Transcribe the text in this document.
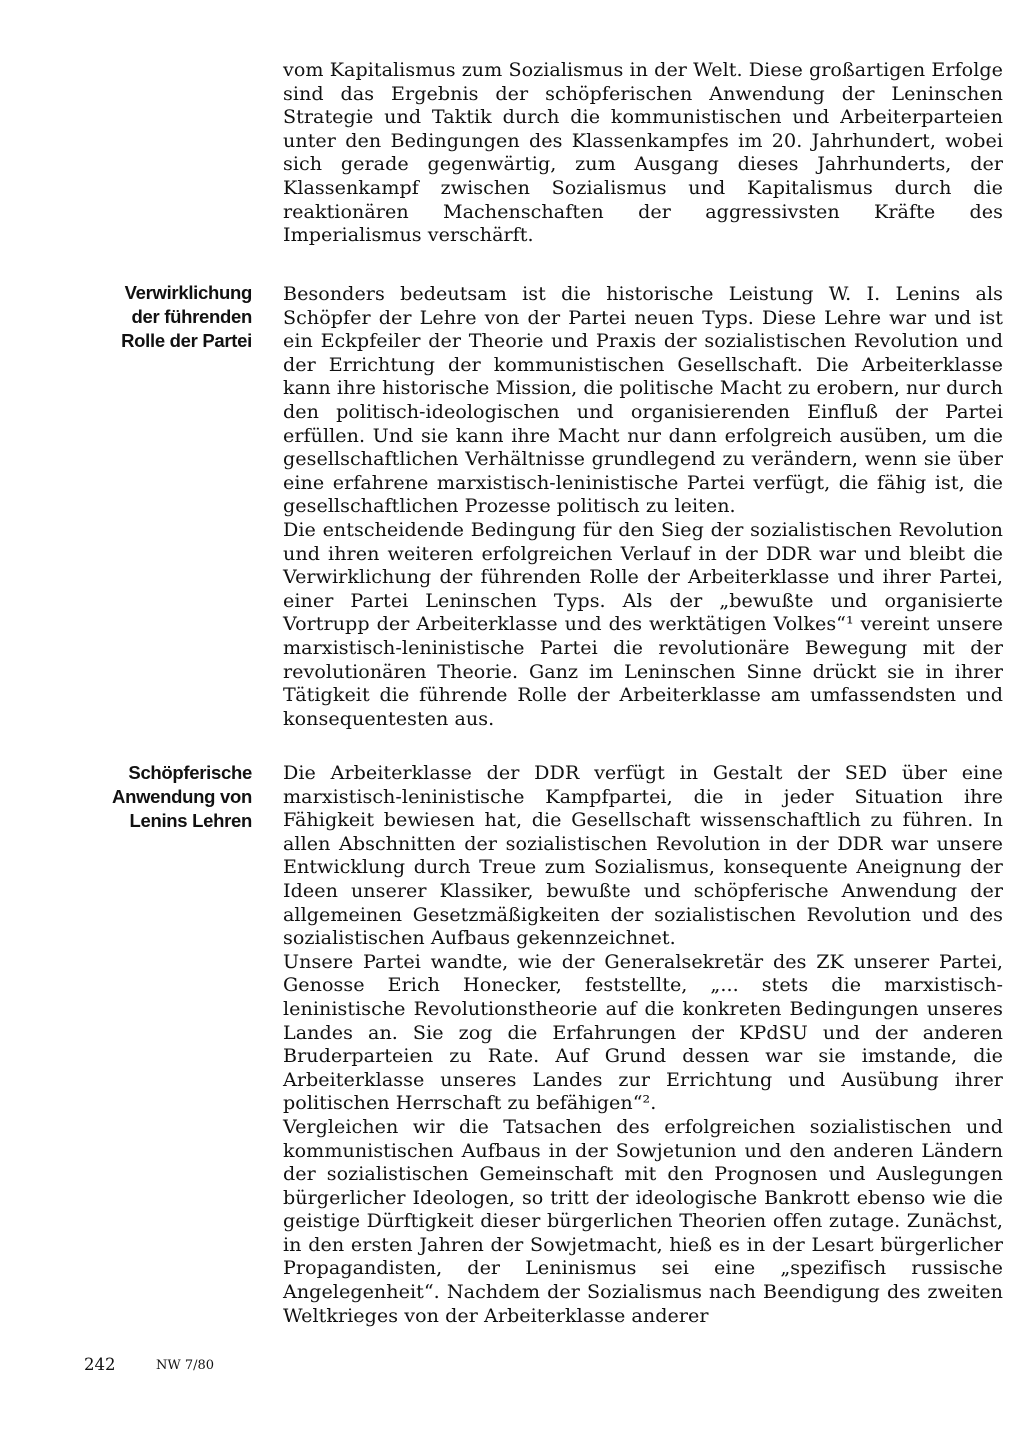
vom Kapitalismus zum Sozialismus in der Welt. Diese großartigen Erfolge sind das Ergebnis der schöpferischen Anwendung der Leninschen Strategie und Taktik durch die kommunistischen und Arbeiterparteien unter den Bedingungen des Klassenkampfes im 20. Jahrhundert, wobei sich gerade gegenwärtig, zum Ausgang dieses Jahrhunderts, der Klassenkampf zwischen Sozialismus und Kapitalismus durch die reaktionären Machenschaften der aggressivsten Kräfte des Imperialismus verschärft.

Verwirklichung
der führenden
Rolle der Partei

Besonders bedeutsam ist die historische Leistung W. I. Lenins als Schöpfer der Lehre von der Partei neuen Typs. Diese Lehre war und ist ein Eckpfeiler der Theorie und Praxis der sozialistischen Revolution und der Errichtung der kommunistischen Gesellschaft. Die Arbeiterklasse kann ihre historische Mission, die politische Macht zu erobern, nur durch den politisch-ideologischen und organisierenden Einfluß der Partei erfüllen. Und sie kann ihre Macht nur dann erfolgreich ausüben, um die gesellschaftlichen Verhältnisse grundlegend zu verändern, wenn sie über eine erfahrene marxistisch-leninistische Partei verfügt, die fähig ist, die gesellschaftlichen Prozesse politisch zu leiten.

Die entscheidende Bedingung für den Sieg der sozialistischen Revolution und ihren weiteren erfolgreichen Verlauf in der DDR war und bleibt die Verwirklichung der führenden Rolle der Arbeiterklasse und ihrer Partei, einer Partei Leninschen Typs. Als der „bewußte und organisierte Vortrupp der Arbeiterklasse und des werktätigen Volkes“¹ vereint unsere marxistisch-leninistische Partei die revolutionäre Bewegung mit der revolutionären Theorie. Ganz im Leninschen Sinne drückt sie in ihrer Tätigkeit die führende Rolle der Arbeiterklasse am umfassendsten und konsequentesten aus.

Schöpferische
Anwendung von
Lenins Lehren

Die Arbeiterklasse der DDR verfügt in Gestalt der SED über eine marxistisch-leninistische Kampfpartei, die in jeder Situation ihre Fähigkeit bewiesen hat, die Gesellschaft wissenschaftlich zu führen. In allen Abschnitten der sozialistischen Revolution in der DDR war unsere Entwicklung durch Treue zum Sozialismus, konsequente Aneignung der Ideen unserer Klassiker, bewußte und schöpferische Anwendung der allgemeinen Gesetzmäßigkeiten der sozialistischen Revolution und des sozialistischen Aufbaus gekennzeichnet.

Unsere Partei wandte, wie der Generalsekretär des ZK unserer Partei, Genosse Erich Honecker, feststellte, „... stets die marxistisch-leninistische Revolutionstheorie auf die konkreten Bedingungen unseres Landes an. Sie zog die Erfahrungen der KPdSU und der anderen Bruderparteien zu Rate. Auf Grund dessen war sie imstande, die Arbeiterklasse unseres Landes zur Errichtung und Ausübung ihrer politischen Herrschaft zu befähigen“².

Vergleichen wir die Tatsachen des erfolgreichen sozialistischen und kommunistischen Aufbaus in der Sowjetunion und den anderen Ländern der sozialistischen Gemeinschaft mit den Prognosen und Auslegungen bürgerlicher Ideologen, so tritt der ideologische Bankrott ebenso wie die geistige Dürftigkeit dieser bürgerlichen Theorien offen zutage. Zunächst, in den ersten Jahren der Sowjetmacht, hieß es in der Lesart bürgerlicher Propagandisten, der Leninismus sei eine „spezifisch russische Angelegenheit“. Nachdem der Sozialismus nach Beendigung des zweiten Weltkrieges von der Arbeiterklasse anderer

242	NW 7/80
